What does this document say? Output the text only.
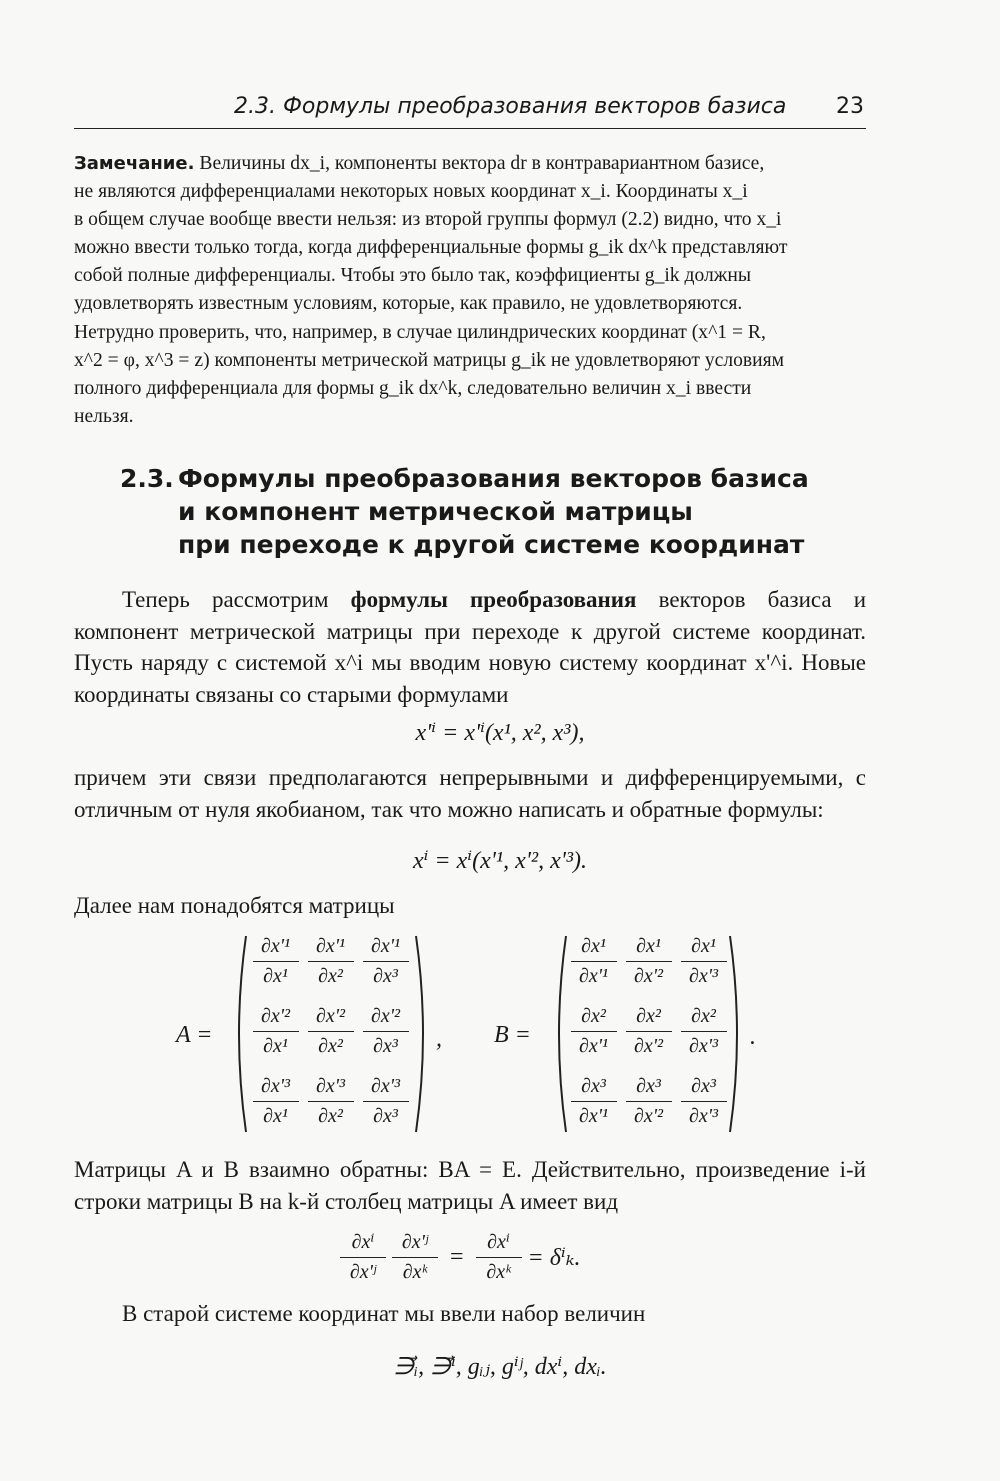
2.3. Формулы преобразования векторов базиса 23
Замечание. Величины dx_i, компоненты вектора dr в контравариантном базисе,
не являются дифференциалами некоторых новых координат x_i. Координаты x_i
в общем случае вообще ввести нельзя: из второй группы формул (2.2) видно, что x_i
можно ввести только тогда, когда дифференциальные формы g_ik dx^k представляют
собой полные дифференциалы. Чтобы это было так, коэффициенты g_ik должны
удовлетворять известным условиям, которые, как правило, не удовлетворяются.
Нетрудно проверить, что, например, в случае цилиндрических координат (x^1 = R,
x^2 = φ, x^3 = z) компоненты метрической матрицы g_ik не удовлетворяют условиям
полного дифференциала для формы g_ik dx^k, следовательно величин x_i ввести
нельзя.
2.3. Формулы преобразования векторов базиса
и компонент метрической матрицы
при переходе к другой системе координат
Теперь рассмотрим формулы преобразования векторов базиса и компонент метрической матрицы при переходе к другой системе координат. Пусть наряду с системой x^i мы вводим новую систему координат x'^i. Новые координаты связаны со старыми формулами
x'ⁱ = x'ⁱ(x¹, x², x³),
причем эти связи предполагаются непрерывными и дифференцируемыми, с отличным от нуля якобианом, так что можно написать и обратные формулы:
xⁱ = xⁱ(x'¹, x'², x'³).
Далее нам понадобятся матрицы
A =
$\frac{\text{∂x'¹}}{\text{∂x¹}} \frac{\text{∂x'¹}}{\text{∂x²}} \frac{\text{∂x'¹}}{\text{∂x³}}$
$\frac{\text{∂x'²}}{\text{∂x¹}} \frac{\text{∂x'²}}{\text{∂x²}} \frac{\text{∂x'²}}{\text{∂x³}}$
$\frac{\text{∂x'³}}{\text{∂x¹}} \frac{\text{∂x'³}}{\text{∂x²}} \frac{\text{∂x'³}}{\text{∂x³}}$
, B =
$\frac{\text{∂x¹}}{\text{∂x'¹}} \frac{\text{∂x¹}}{\text{∂x'²}} \frac{\text{∂x¹}}{\text{∂x'³}}$
$\frac{\text{∂x²}}{\text{∂x'¹}} \frac{\text{∂x²}}{\text{∂x'²}} \frac{\text{∂x²}}{\text{∂x'³}}$
$\frac{\text{∂x³}}{\text{∂x'¹}} \frac{\text{∂x³}}{\text{∂x'²}} \frac{\text{∂x³}}{\text{∂x'³}}$
.
Матрицы A и B взаимно обратны: BA = E. Действительно, произведение i-й строки матрицы B на k-й столбец матрицы A имеет вид
$\frac{\text{∂xⁱ}}{\text{∂x'ʲ}} \frac{\text{∂x'ʲ}}{\text{∂xᵏ}} = \frac{\text{∂xⁱ}}{\text{∂xᵏ}} = \delta^i_k$.
В старой системе координат мы ввели набор величин
∋⃗ᵢ, ∋⃗ⁱ, gᵢⱼ, gⁱʲ, dxⁱ, dxᵢ.
